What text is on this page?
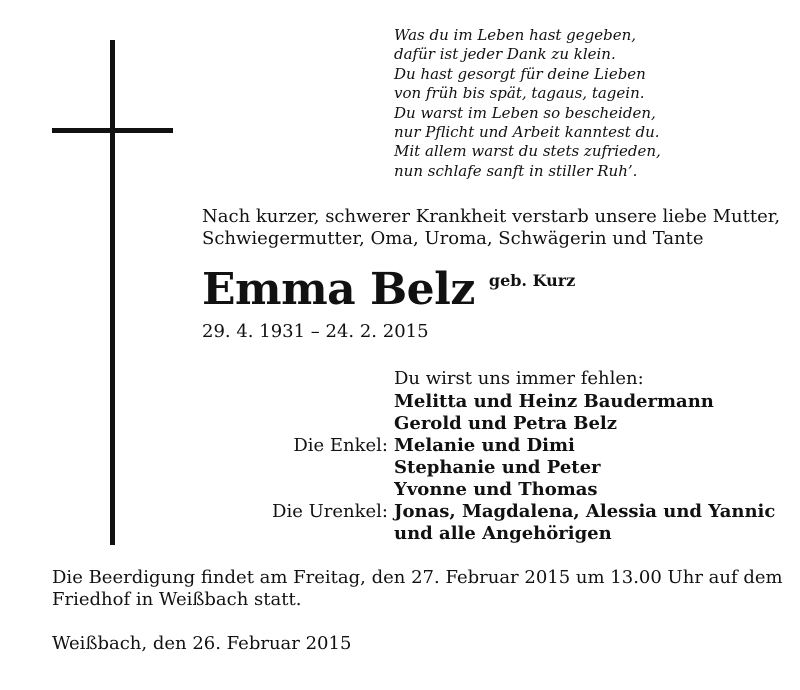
Was du im Leben hast gegeben,
dafür ist jeder Dank zu klein.
Du hast gesorgt für deine Lieben
von früh bis spät, tagaus, tagein.
Du warst im Leben so bescheiden,
nur Pflicht und Arbeit kanntest du.
Mit allem warst du stets zufrieden,
nun schlafe sanft in stiller Ruh’.
Nach kurzer, schwerer Krankheit verstarb unsere liebe Mutter,
Schwiegermutter, Oma, Uroma, Schwägerin und Tante
Emma Belz geb. Kurz
29. 4. 1931 – 24. 2. 2015
Du wirst uns immer fehlen:
Melitta und Heinz Baudermann
Gerold und Petra Belz
Die Enkel: Melanie und Dimi
Stephanie und Peter
Yvonne und Thomas
Die Urenkel: Jonas, Magdalena, Alessia und Yannic
und alle Angehörigen
Die Beerdigung findet am Freitag, den 27. Februar 2015 um 13.00 Uhr auf dem
Friedhof in Weißbach statt.
Weißbach, den 26. Februar 2015
